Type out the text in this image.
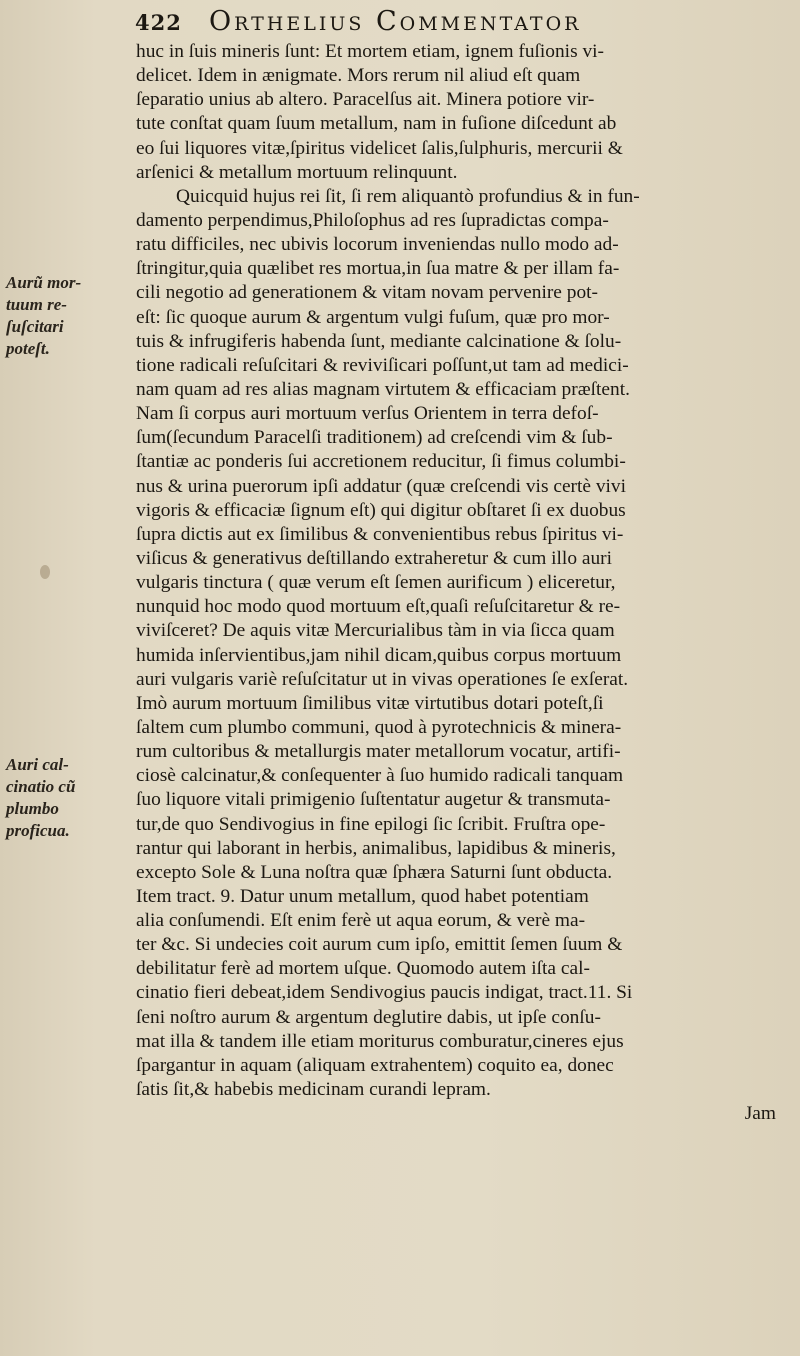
422	Orthelius Commentator
Aurũ mor-
tuum re-
ſuſcitari
poteſt.
Auri cal-
cinatio cũ
plumbo
proficua.
huc in ſuis mineris ſunt: Et mortem etiam, ignem fuſionis vi-
delicet. Idem in ænigmate. Mors rerum nil aliud eſt quam
ſeparatio unius ab altero. Paracelſus ait. Minera potiore vir-
tute conſtat quam ſuum metallum, nam in fuſione diſcedunt ab
eo ſui liquores vitæ,ſpiritus videlicet ſalis,ſulphuris, mercurii &
arſenici & metallum mortuum relinquunt.
Quicquid hujus rei ſit, ſi rem aliquantò profundius & in fun-
damento perpendimus,Philoſophus ad res ſupradictas compa-
ratu difficiles, nec ubivis locorum inveniendas nullo modo ad-
ſtringitur,quia quælibet res mortua,in ſua matre & per illam fa-
cili negotio ad generationem & vitam novam pervenire pot-
eſt: ſic quoque aurum & argentum vulgi fuſum, quæ pro mor-
tuis & infrugiferis habenda ſunt, mediante calcinatione & ſolu-
tione radicali reſuſcitari & reviviſicari poſſunt,ut tam ad medici-
nam quam ad res alias magnam virtutem & efficaciam præſtent.
Nam ſi corpus auri mortuum verſus Orientem in terra defoſ-
ſum(ſecundum Paracelſi traditionem) ad creſcendi vim & ſub-
ſtantiæ ac ponderis ſui accretionem reducitur, ſi fimus columbi-
nus & urina puerorum ipſi addatur (quæ creſcendi vis certè vivi
vigoris & efficaciæ ſignum eſt) qui digitur obſtaret ſi ex duobus
ſupra dictis aut ex ſimilibus & convenientibus rebus ſpiritus vi-
viſicus & generativus deſtillando extraheretur & cum illo auri
vulgaris tinctura ( quæ verum eſt ſemen aurificum ) eliceretur,
nunquid hoc modo quod mortuum eſt,quaſi reſuſcitaretur & re-
viviſceret? De aquis vitæ Mercurialibus tàm in via ſicca quam
humida inſervientibus,jam nihil dicam,quibus corpus mortuum
auri vulgaris variè reſuſcitatur ut in vivas operationes ſe exſerat.
Imò aurum mortuum ſimilibus vitæ virtutibus dotari poteſt,ſi
ſaltem cum plumbo communi, quod à pyrotechnicis & minera-
rum cultoribus & metallurgis mater metallorum vocatur, artifi-
ciosè calcinatur,& conſequenter à ſuo humido radicali tanquam
ſuo liquore vitali primigenio ſuſtentatur augetur & transmuta-
tur,de quo Sendivogius in fine epilogi ſic ſcribit. Fruſtra ope-
rantur qui laborant in herbis, animalibus, lapidibus & mineris,
excepto Sole & Luna noſtra quæ ſphæra Saturni ſunt obducta.
Item tract. 9. Datur unum metallum, quod habet potentiam
alia conſumendi. Eſt enim ferè ut aqua eorum, & verè ma-
ter &c. Si undecies coit aurum cum ipſo, emittit ſemen ſuum &
debilitatur ferè ad mortem uſque. Quomodo autem iſta cal-
cinatio fieri debeat,idem Sendivogius paucis indigat, tract.11. Si
ſeni noſtro aurum & argentum deglutire dabis, ut ipſe conſu-
mat illa & tandem ille etiam moriturus comburatur,cineres ejus
ſpargantur in aquam (aliquam extrahentem) coquito ea, donec
ſatis ſit,& habebis medicinam curandi lepram.
Jam
